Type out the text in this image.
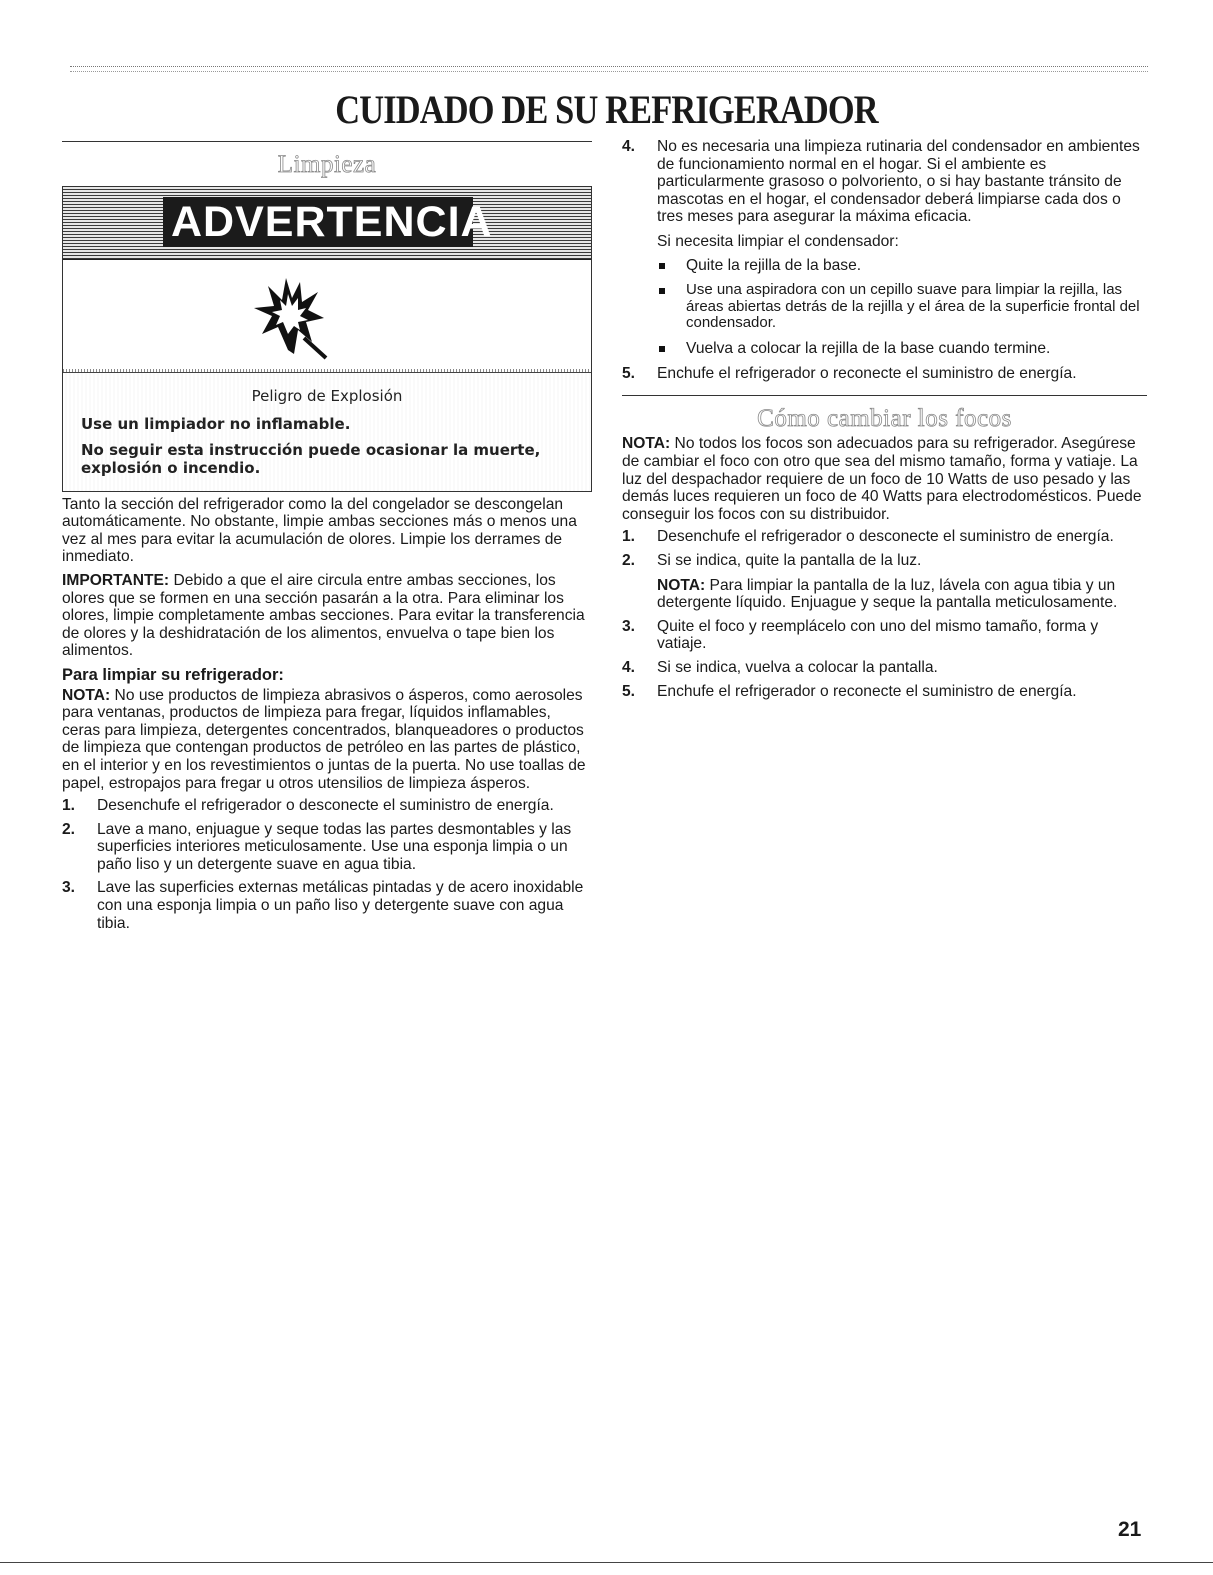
CUIDADO DE SU REFRIGERADOR
Limpieza
ADVERTENCIA

Peligro de Explosión

Use un limpiador no inflamable.

No seguir esta instrucción puede ocasionar la muerte, explosión o incendio.

Tanto la sección del refrigerador como la del congelador se descongelan automáticamente. No obstante, limpie ambas secciones más o menos una vez al mes para evitar la acumulación de olores. Limpie los derrames de inmediato.

IMPORTANTE: Debido a que el aire circula entre ambas secciones, los olores que se formen en una sección pasarán a la otra. Para eliminar los olores, limpie completamente ambas secciones. Para evitar la transferencia de olores y la deshidratación de los alimentos, envuelva o tape bien los alimentos.

Para limpiar su refrigerador:

NOTA: No use productos de limpieza abrasivos o ásperos, como aerosoles para ventanas, productos de limpieza para fregar, líquidos inflamables, ceras para limpieza, detergentes concentrados, blanqueadores o productos de limpieza que contengan productos de petróleo en las partes de plástico, en el interior y en los revestimientos o juntas de la puerta. No use toallas de papel, estropajos para fregar u otros utensilios de limpieza ásperos.

1. Desenchufe el refrigerador o desconecte el suministro de energía.
2. Lave a mano, enjuague y seque todas las partes desmontables y las superficies interiores meticulosamente. Use una esponja limpia o un paño liso y un detergente suave en agua tibia.
3. Lave las superficies externas metálicas pintadas y de acero inoxidable con una esponja limpia o un paño liso y detergente suave con agua tibia.
4. No es necesaria una limpieza rutinaria del condensador en ambientes de funcionamiento normal en el hogar. Si el ambiente es particularmente grasoso o polvoriento, o si hay bastante tránsito de mascotas en el hogar, el condensador deberá limpiarse cada dos o tres meses para asegurar la máxima eficacia.

Si necesita limpiar el condensador:

Quite la rejilla de la base.
Use una aspiradora con un cepillo suave para limpiar la rejilla, las áreas abiertas detrás de la rejilla y el área de la superficie frontal del condensador.
Vuelva a colocar la rejilla de la base cuando termine.
5. Enchufe el refrigerador o reconecte el suministro de energía.
Cómo cambiar los focos

NOTA: No todos los focos son adecuados para su refrigerador. Asegúrese de cambiar el foco con otro que sea del mismo tamaño, forma y vatiaje. La luz del despachador requiere de un foco de 10 Watts de uso pesado y las demás luces requieren un foco de 40 Watts para electrodomésticos. Puede conseguir los focos con su distribuidor.

1. Desenchufe el refrigerador o desconecte el suministro de energía.
2. Si se indica, quite la pantalla de la luz.

NOTA: Para limpiar la pantalla de la luz, lávela con agua tibia y un detergente líquido. Enjuague y seque la pantalla meticulosamente.

3. Quite el foco y reemplácelo con uno del mismo tamaño, forma y vatiaje.
4. Si se indica, vuelva a colocar la pantalla.
5. Enchufe el refrigerador o reconecte el suministro de energía.
21
